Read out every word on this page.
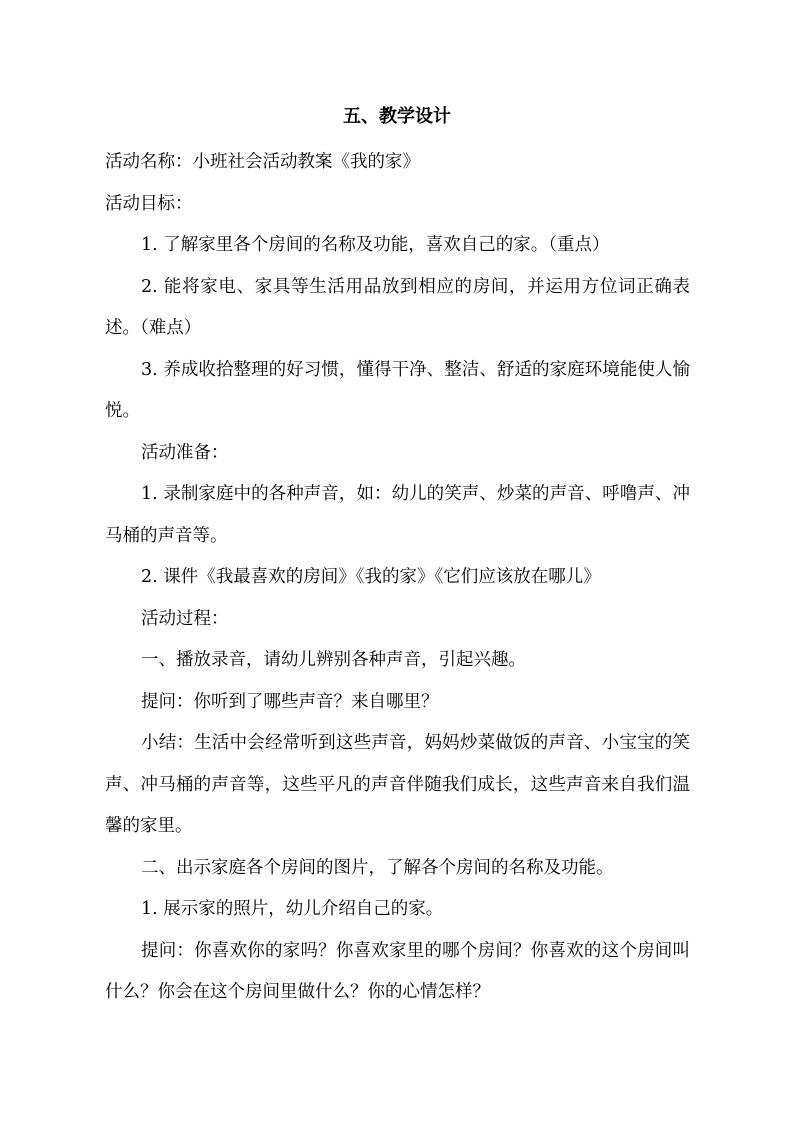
五、教学设计

活动名称：小班社会活动教案《我的家》

活动目标：

1. 了解家里各个房间的名称及功能，喜欢自己的家。（重点）

2. 能将家电、家具等生活用品放到相应的房间，并运用方位词正确表述。（难点）

3. 养成收拾整理的好习惯，懂得干净、整洁、舒适的家庭环境能使人愉悦。

活动准备：

1. 录制家庭中的各种声音，如：幼儿的笑声、炒菜的声音、呼噜声、冲马桶的声音等。

2. 课件《我最喜欢的房间》《我的家》《它们应该放在哪儿》

活动过程：

一、播放录音，请幼儿辨别各种声音，引起兴趣。

提问：你听到了哪些声音？来自哪里？

小结：生活中会经常听到这些声音，妈妈炒菜做饭的声音、小宝宝的笑声、冲马桶的声音等，这些平凡的声音伴随我们成长，这些声音来自我们温馨的家里。

二、出示家庭各个房间的图片，了解各个房间的名称及功能。

1. 展示家的照片，幼儿介绍自己的家。

提问：你喜欢你的家吗？你喜欢家里的哪个房间？你喜欢的这个房间叫什么？你会在这个房间里做什么？你的心情怎样？
